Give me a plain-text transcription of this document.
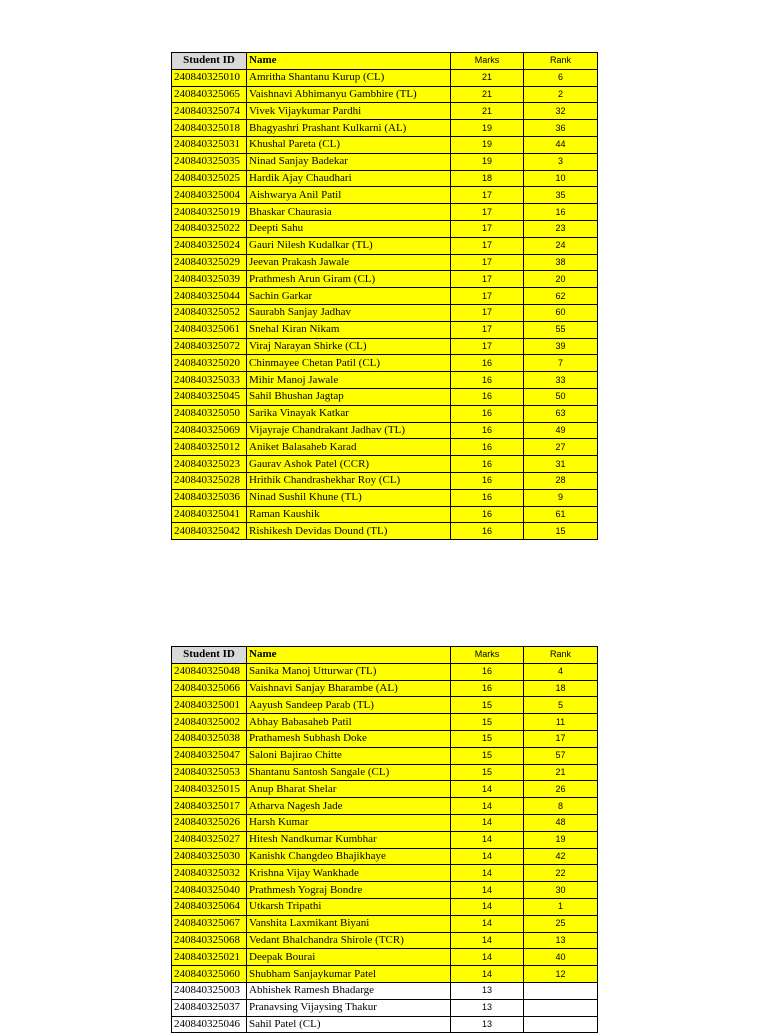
Student ID	Name	Marks	Rank
240840325010	Amritha Shantanu Kurup (CL)	21	6
240840325065	Vaishnavi Abhimanyu Gambhire (TL)	21	2
240840325074	Vivek Vijaykumar Pardhi	21	32
240840325018	Bhagyashri Prashant Kulkarni (AL)	19	36
240840325031	Khushal Pareta (CL)	19	44
240840325035	Ninad Sanjay Badekar	19	3
240840325025	Hardik Ajay Chaudhari	18	10
240840325004	Aishwarya Anil Patil	17	35
240840325019	Bhaskar Chaurasia	17	16
240840325022	Deepti Sahu	17	23
240840325024	Gauri Nilesh Kudalkar (TL)	17	24
240840325029	Jeevan Prakash Jawale	17	38
240840325039	Prathmesh Arun Giram (CL)	17	20
240840325044	Sachin Garkar	17	62
240840325052	Saurabh Sanjay Jadhav	17	60
240840325061	Snehal Kiran Nikam	17	55
240840325072	Viraj Narayan Shirke (CL)	17	39
240840325020	Chinmayee Chetan Patil (CL)	16	7
240840325033	Mihir Manoj Jawale	16	33
240840325045	Sahil Bhushan Jagtap	16	50
240840325050	Sarika Vinayak Katkar	16	63
240840325069	Vijayraje Chandrakant Jadhav (TL)	16	49
240840325012	Aniket Balasaheb Karad	16	27
240840325023	Gaurav Ashok Patel (CCR)	16	31
240840325028	Hrithik Chandrashekhar Roy (CL)	16	28
240840325036	Ninad Sushil Khune (TL)	16	9
240840325041	Raman Kaushik	16	61
240840325042	Rishikesh Devidas Dound (TL)	16	15
Student ID	Name	Marks	Rank
240840325048	Sanika Manoj Utturwar (TL)	16	4
240840325066	Vaishnavi Sanjay Bharambe (AL)	16	18
240840325001	Aayush Sandeep Parab (TL)	15	5
240840325002	Abhay Babasaheb Patil	15	11
240840325038	Prathamesh Subhash Doke	15	17
240840325047	Saloni Bajirao Chitte	15	57
240840325053	Shantanu Santosh Sangale (CL)	15	21
240840325015	Anup Bharat Shelar	14	26
240840325017	Atharva Nagesh Jade	14	8
240840325026	Harsh Kumar	14	48
240840325027	Hitesh Nandkumar Kumbhar	14	19
240840325030	Kanishk Changdeo Bhajikhaye	14	42
240840325032	Krishna Vijay Wankhade	14	22
240840325040	Prathmesh Yograj Bondre	14	30
240840325064	Utkarsh Tripathi	14	1
240840325067	Vanshita Laxmikant Biyani	14	25
240840325068	Vedant Bhalchandra Shirole (TCR)	14	13
240840325021	Deepak Bourai	14	40
240840325060	Shubham Sanjaykumar Patel	14	12
240840325003	Abhishek Ramesh Bhadarge	13	
240840325037	Pranavsing Vijaysing Thakur	13	
240840325046	Sahil Patel (CL)	13	
